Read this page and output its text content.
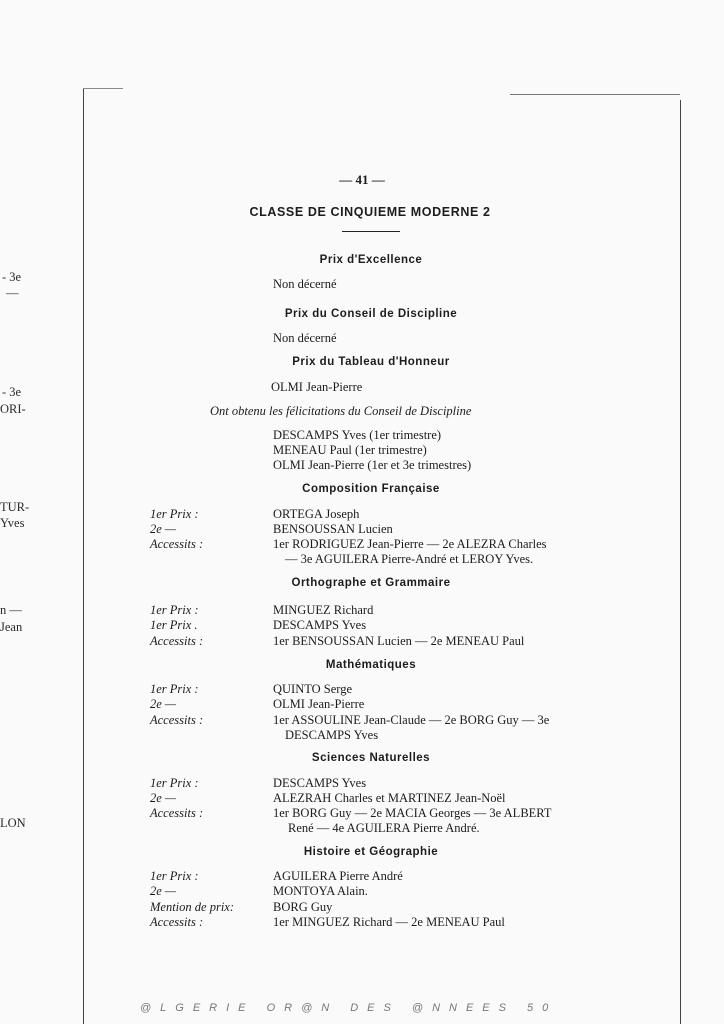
- 3e
—
- 3e
ORI-
TUR-
Yves
n —
Jean
LON
— 41 —
CLASSE DE CINQUIEME MODERNE 2
Prix d'Excellence
Non décerné
Prix du Conseil de Discipline
Non décerné
Prix du Tableau d'Honneur
OLMI Jean-Pierre
Ont obtenu les félicitations du Conseil de Discipline
DESCAMPS Yves (1er trimestre)
MENEAU Paul (1er trimestre)
OLMI Jean-Pierre (1er et 3e trimestres)
Composition Française
1er Prix :	ORTEGA Joseph
2e —	BENSOUSSAN Lucien
Accessits :	1er RODRIGUEZ Jean-Pierre — 2e ALEZRA Charles
— 3e AGUILERA Pierre-André et LEROY Yves.
Orthographe et Grammaire
1er Prix :	MINGUEZ Richard
1er Prix .	DESCAMPS Yves
Accessits :	1er BENSOUSSAN Lucien — 2e MENEAU Paul
Mathématiques
1er Prix :	QUINTO Serge
2e —	OLMI Jean-Pierre
Accessits :	1er ASSOULINE Jean-Claude — 2e BORG Guy — 3e
DESCAMPS Yves
Sciences Naturelles
1er Prix :	DESCAMPS Yves
2e —	ALEZRAH Charles et MARTINEZ Jean-Noël
Accessits :	1er BORG Guy — 2e MACIA Georges — 3e ALBERT
René — 4e AGUILERA Pierre André.
Histoire et Géographie
1er Prix :	AGUILERA Pierre André
2e —	MONTOYA Alain.
Mention de prix:	BORG Guy
Accessits :	1er MINGUEZ Richard — 2e MENEAU Paul
@LGERIE OR@N DES @NNEES 50
